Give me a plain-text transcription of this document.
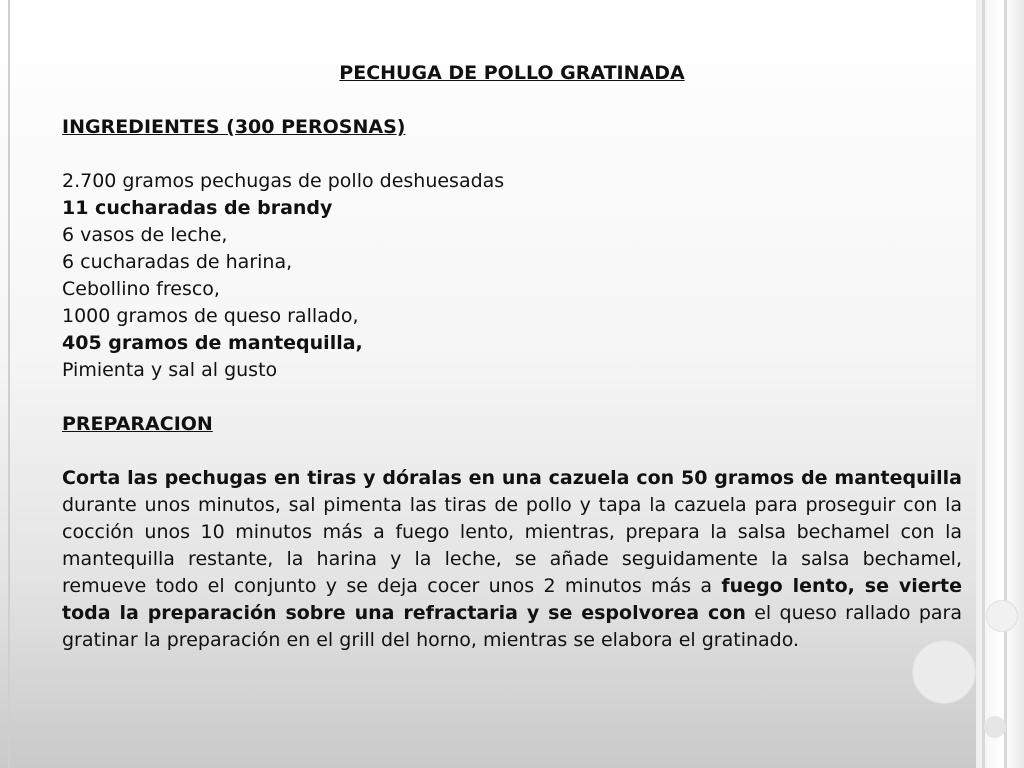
PECHUGA DE POLLO GRATINADA

INGREDIENTES (300 PEROSNAS)

2.700 gramos pechugas de pollo deshuesadas
11 cucharadas de brandy
6 vasos de leche,
6 cucharadas de harina,
Cebollino fresco,
1000 gramos de queso rallado,
405 gramos de mantequilla,
Pimienta y sal al gusto

PREPARACION

Corta las pechugas en tiras y dóralas en una cazuela con 50 gramos de mantequilla durante unos minutos, sal pimenta las tiras de pollo y tapa la cazuela para proseguir con la cocción unos 10 minutos más a fuego lento, mientras, prepara la salsa bechamel con la mantequilla restante, la harina y la leche, se añade seguidamente la salsa bechamel, remueve todo el conjunto y se deja cocer unos 2 minutos más a fuego lento, se vierte toda la preparación sobre una refractaria y se espolvorea con el queso rallado para gratinar la preparación en el grill del horno, mientras se elabora el gratinado.
